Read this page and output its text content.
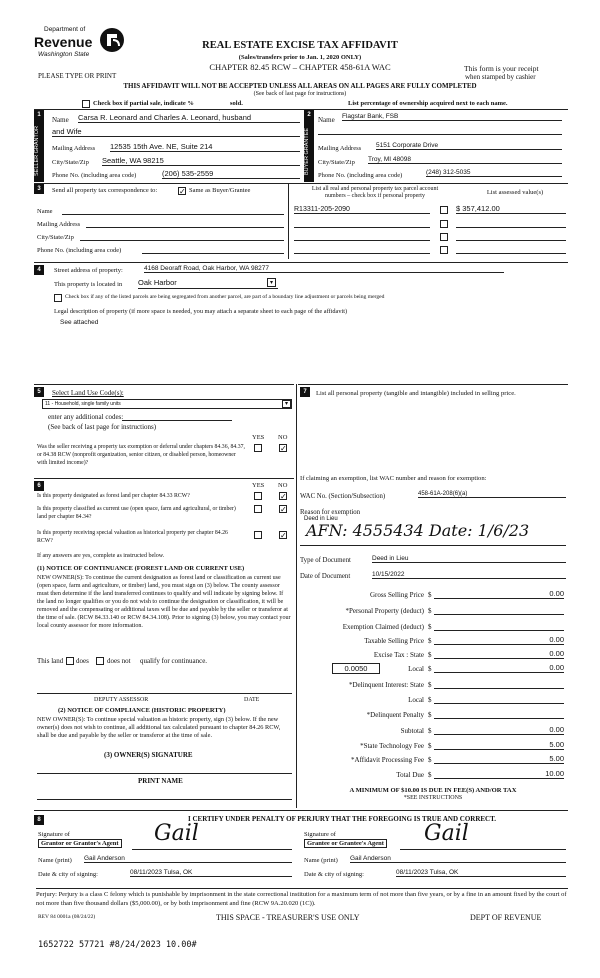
Department of
Revenue
Washington State
REAL ESTATE EXCISE TAX AFFIDAVIT
(Sales/transfers prior to Jan. 1, 2020 ONLY)
CHAPTER 82.45 RCW – CHAPTER 458-61A WAC
PLEASE TYPE OR PRINT
This form is your receipt
when stamped by cashier
THIS AFFIDAVIT WILL NOT BE ACCEPTED UNLESS ALL AREAS ON ALL PAGES ARE FULLY COMPLETED
(See back of last page for instructions)
Check box if partial sale, indicate %	sold.	List percentage of ownership acquired next to each name.
1
SELLER GRANTOR
Name Carsa R. Leonard and Charles A. Leonard, husband
and Wife
Mailing Address 12535 15th Ave. NE, Suite 214
City/State/Zip Seattle, WA 98215
Phone No. (including area code)	(206) 535-2559
2
BUYER GRANTEE
Name Flagstar Bank, FSB
Mailing Address 5151 Corporate Drive
City/State/Zip Troy, MI 48098
Phone No. (including area code)	(248) 312-5035
3	Send all property tax correspondence to:
✓	Same as Buyer/Grantee
Name
Mailing Address
City/State/Zip
Phone No. (including area code)
List all real and personal property tax parcel account
numbers – check box if personal property	List assessed value(s)
R13311-205-2090	$ 357,412.00
4	Street address of property:	4168 Deoraff Road, Oak Harbor, WA 98277
This property is located in Oak Harbor	▾
Check box if any of the listed parcels are being segregated from another parcel, are part of a boundary line adjustment or parcels being merged
Legal description of property (if more space is needed, you may attach a separate sheet to each page of the affidavit)
See attached
5	Select Land Use Code(s):
11 - Household, single family units	▾
enter any additional codes:
(See back of last page for instructions)
YES NO
Was the seller receiving a property tax exemption or deferral under chapters 84.36, 84.37, or 84.38 RCW (nonprofit organization, senior citizen, or disabled person, homeowner with limited income)?
✓
6	YES NO
Is this property designated as forest land per chapter 84.33 RCW?
✓
Is this property classified as current use (open space, farm and agricultural, or timber) land per chapter 84.34?
✓
Is this property receiving special valuation as historical property per chapter 84.26 RCW?
✓
If any answers are yes, complete as instructed below.
(1) NOTICE OF CONTINUANCE (FOREST LAND OR CURRENT USE)
NEW OWNER(S): To continue the current designation as forest land or classification as current use (open space, farm and agriculture, or timber) land, you must sign on (3) below. The county assessor must then determine if the land transferred continues to qualify and will indicate by signing below. If the land no longer qualifies or you do not wish to continue the designation or classification, it will be removed and the compensating or additional taxes will be due and payable by the seller or transferor at the time of sale. (RCW 84.33.140 or RCW 84.34.108). Prior to signing (3) below, you may contact your local county assessor for more information.
This land does	does not qualify for continuance.
DEPUTY ASSESSOR	DATE
(2) NOTICE OF COMPLIANCE (HISTORIC PROPERTY)
NEW OWNER(S): To continue special valuation as historic property, sign (3) below. If the new owner(s) does not wish to continue, all additional tax calculated pursuant to chapter 84.26 RCW, shall be due and payable by the seller or transferor at the time of sale.
(3) OWNER(S) SIGNATURE
PRINT NAME
7	List all personal property (tangible and intangible) included in selling price.
If claiming an exemption, list WAC number and reason for exemption:
WAC No. (Section/Subsection)	458-61A-208(6)(a)
Reason for exemption
Deed in Lieu
AFN: 4555434 Date: 1/6/23
Type of Document	Deed in Lieu
Date of Document	10/15/2022
Gross Selling Price $	0.00
*Personal Property (deduct) $
Exemption Claimed (deduct) $
Taxable Selling Price $	0.00
Excise Tax : State $	0.00
0.0050	Local $	0.00
*Delinquent Interest: State $
Local $
*Delinquent Penalty $
Subtotal $	0.00
*State Technology Fee $	5.00
*Affidavit Processing Fee $	5.00
Total Due $	10.00
A MINIMUM OF $10.00 IS DUE IN FEE(S) AND/OR TAX
*SEE INSTRUCTIONS
8	I CERTIFY UNDER PENALTY OF PERJURY THAT THE FOREGOING IS TRUE AND CORRECT.
Signature of
Grantor or Grantor's Agent Gail
Name (print) Gail Anderson
Date & city of signing:	08/11/2023 Tulsa, OK
Signature of
Grantee or Grantee's Agent Gail
Name (print) Gail Anderson
Date & city of signing:	08/11/2023 Tulsa, OK
Perjury: Perjury is a class C felony which is punishable by imprisonment in the state correctional institution for a maximum term of not more than five years, or by a fine in an amount fixed by the court of not more than five thousand dollars ($5,000.00), or by both imprisonment and fine (RCW 9A.20.020 (1C)).
REV 84 0001a (08/24/22)	THIS SPACE - TREASURER'S USE ONLY	DEPT OF REVENUE
1652722 57721 #8/24/2023 10.00#
